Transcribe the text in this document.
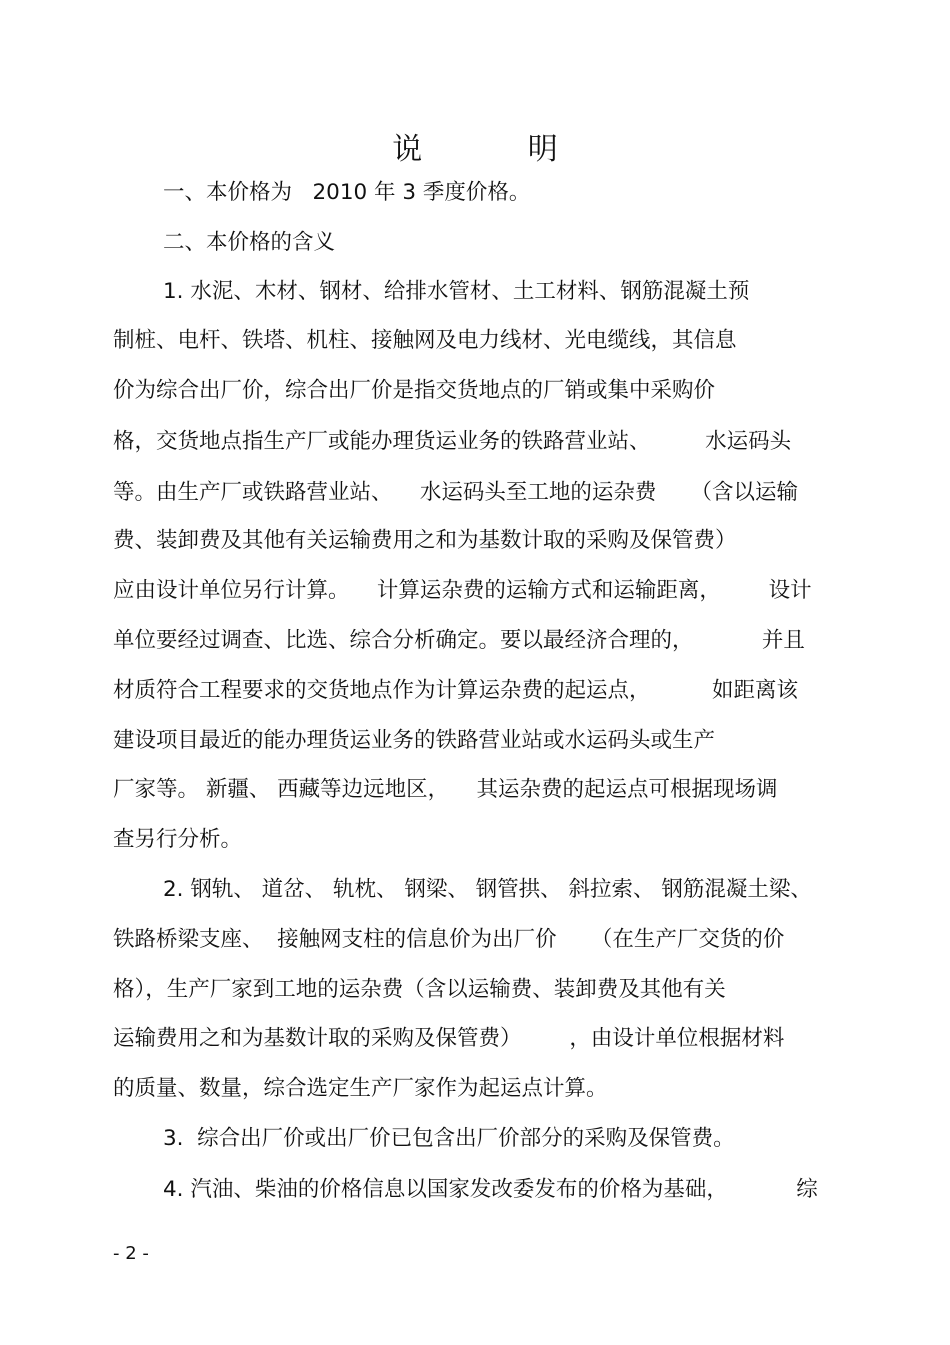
说 明
一、本价格为   2010 年 3 季度价格。
二、本价格的含义
1. 水泥、木材、钢材、给排水管材、土工材料、钢筋混凝土预
制桩、电杆、铁塔、机柱、接触网及电力线材、光电缆线，其信息
价为综合出厂价，综合出厂价是指交货地点的厂销或集中采购价
格，交货地点指生产厂或能办理货运业务的铁路营业站、        水运码头
等。由生产厂或铁路营业站、    水运码头至工地的运杂费     （含以运输
费、装卸费及其他有关运输费用之和为基数计取的采购及保管费）
应由设计单位另行计算。    计算运杂费的运输方式和运输距离，       设计
单位要经过调查、比选、综合分析确定。要以最经济合理的，          并且
材质符合工程要求的交货地点作为计算运杂费的起运点，         如距离该
建设项目最近的能办理货运业务的铁路营业站或水运码头或生产
厂家等。 新疆、 西藏等边远地区，    其运杂费的起运点可根据现场调
查另行分析。
2. 钢轨、 道岔、 轨枕、 钢梁、 钢管拱、 斜拉索、 钢筋混凝土梁、
铁路桥梁支座、  接触网支柱的信息价为出厂价     （在生产厂交货的价
格），生产厂家到工地的运杂费（含以运输费、装卸费及其他有关
运输费用之和为基数计取的采购及保管费）       ，由设计单位根据材料
的质量、数量，综合选定生产厂家作为起运点计算。
3.  综合出厂价或出厂价已包含出厂价部分的采购及保管费。
4. 汽油、柴油的价格信息以国家发改委发布的价格为基础，          综
- 2 -
